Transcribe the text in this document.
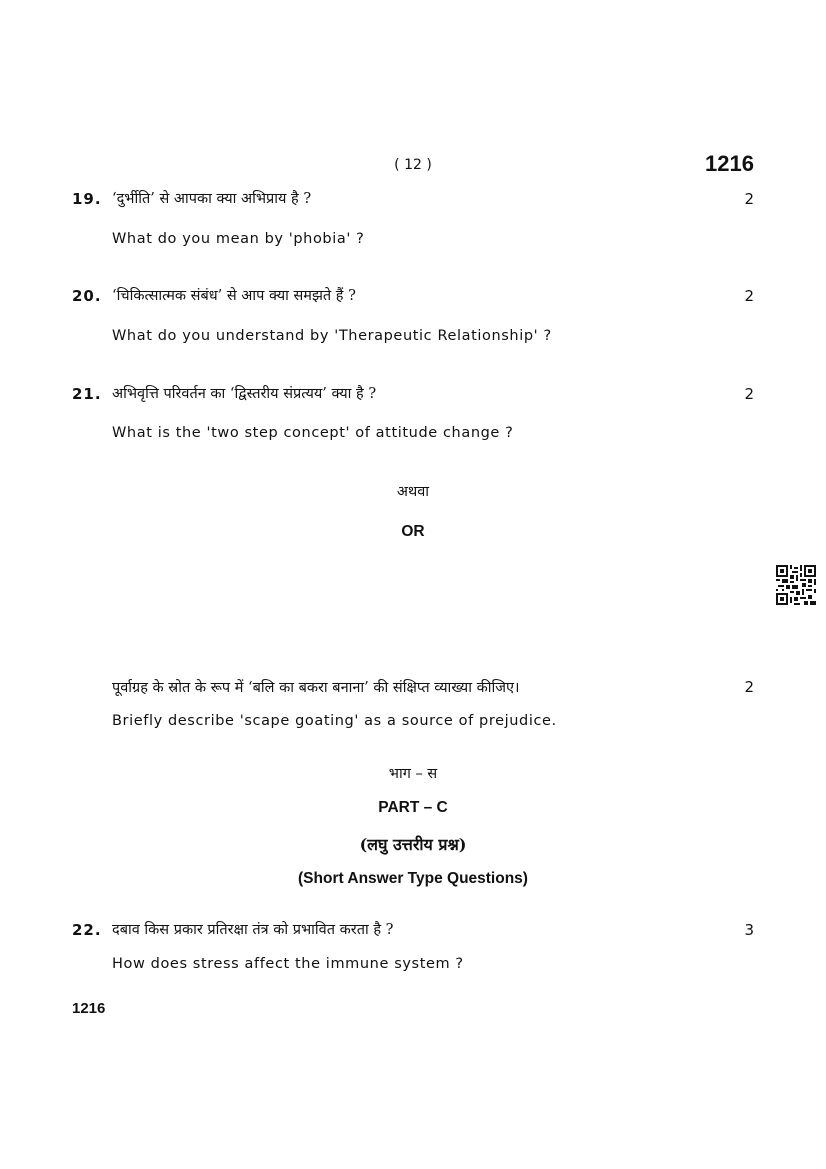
( 12 )	1216
19. ‘दुर्भीति’ से आपका क्या अभिप्राय है ?	2
What do you mean by 'phobia' ?
20. ‘चिकित्सात्मक संबंध’ से आप क्या समझते हैं ?	2
What do you understand by 'Therapeutic Relationship' ?
21. अभिवृत्ति परिवर्तन का ‘द्विस्तरीय संप्रत्यय’ क्या है ?	2
What is the 'two step concept' of attitude change ?
अथवा
OR
पूर्वाग्रह के स्रोत के रूप में ‘बलि का बकरा बनाना’ की संक्षिप्त व्याख्या कीजिए।	2
Briefly describe 'scape goating' as a source of prejudice.
भाग – स
PART – C
(लघु उत्तरीय प्रश्न)
(Short Answer Type Questions)
22. दबाव किस प्रकार प्रतिरक्षा तंत्र को प्रभावित करता है ?	3
How does stress affect the immune system ?
1216
